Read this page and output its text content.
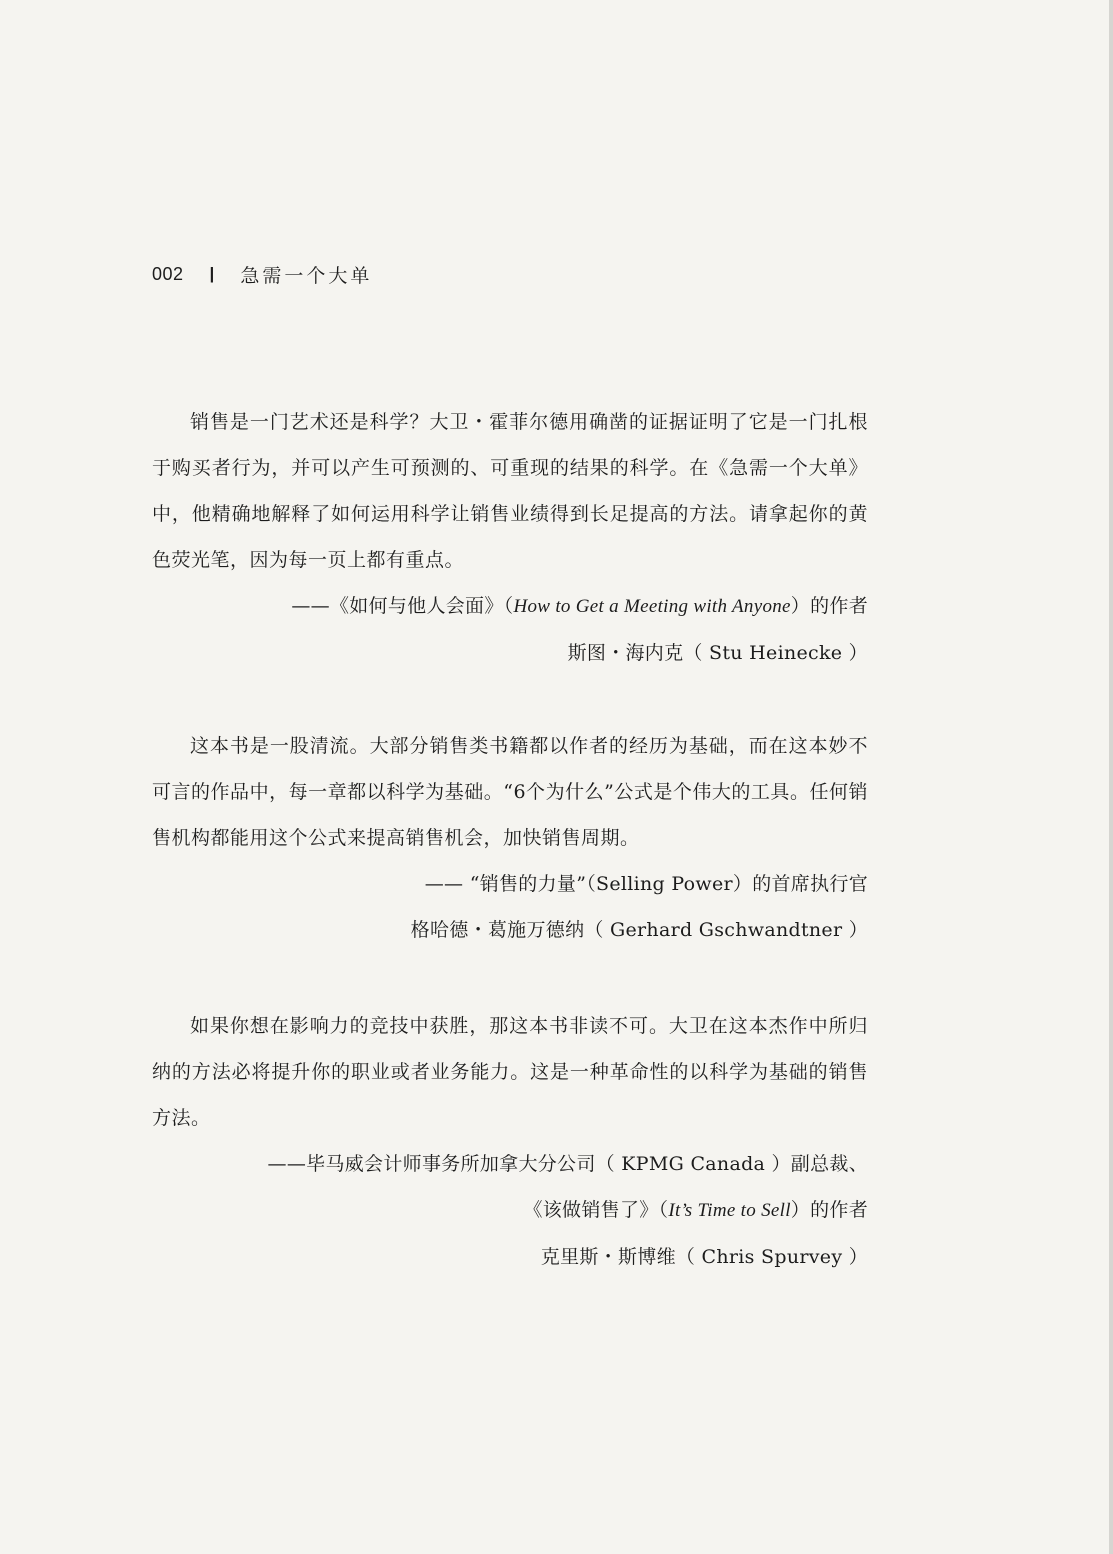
002 | 急需一个大单

销售是一门艺术还是科学？大卫・霍菲尔德用确凿的证据证明了它是一门扎根于购买者行为，并可以产生可预测的、可重现的结果的科学。在《急需一个大单》中，他精确地解释了如何运用科学让销售业绩得到长足提高的方法。请拿起你的黄色荧光笔，因为每一页上都有重点。

——《如何与他人会面》（How to Get a Meeting with Anyone）的作者

斯图・海内克（ Stu Heinecke ）

这本书是一股清流。大部分销售类书籍都以作者的经历为基础，而在这本妙不可言的作品中，每一章都以科学为基础。“6个为什么”公式是个伟大的工具。任何销售机构都能用这个公式来提高销售机会，加快销售周期。

—— “销售的力量”（Selling Power）的首席执行官

格哈德・葛施万德纳（ Gerhard Gschwandtner ）

如果你想在影响力的竞技中获胜，那这本书非读不可。大卫在这本杰作中所归纳的方法必将提升你的职业或者业务能力。这是一种革命性的以科学为基础的销售方法。

——毕马威会计师事务所加拿大分公司（ KPMG Canada ）副总裁、

《该做销售了》（It’s Time to Sell）的作者

克里斯・斯博维（ Chris Spurvey ）
